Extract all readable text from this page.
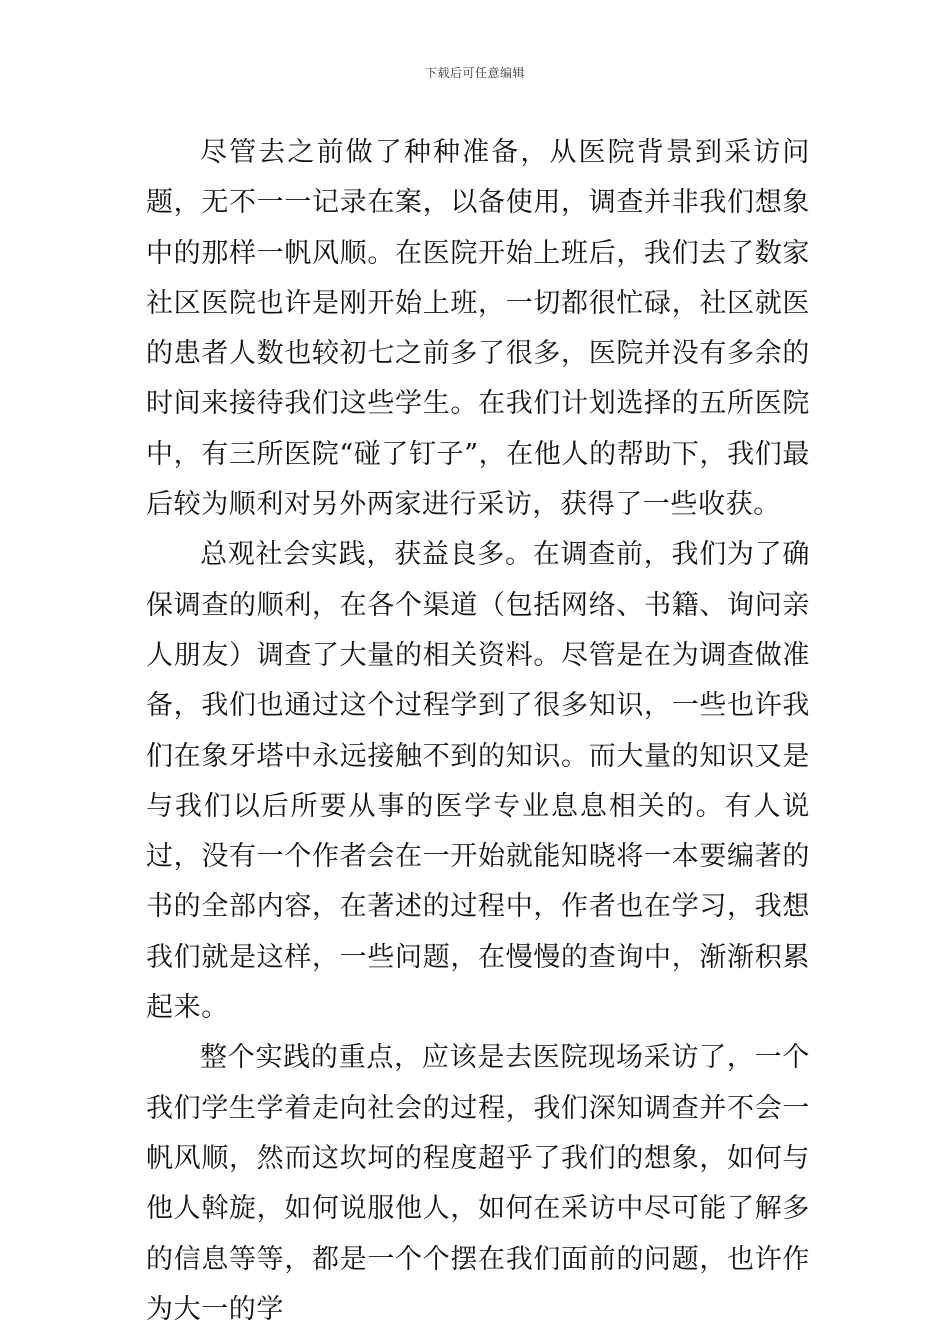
下载后可任意编辑

尽管去之前做了种种准备，从医院背景到采访问题，无不一一记录在案，以备使用，调查并非我们想象中的那样一帆风顺。在医院开始上班后，我们去了数家社区医院也许是刚开始上班，一切都很忙碌，社区就医的患者人数也较初七之前多了很多，医院并没有多余的时间来接待我们这些学生。在我们计划选择的五所医院中，有三所医院“碰了钉子”，在他人的帮助下，我们最后较为顺利对另外两家进行采访，获得了一些收获。

总观社会实践，获益良多。在调查前，我们为了确保调查的顺利，在各个渠道（包括网络、书籍、询问亲人朋友）调查了大量的相关资料。尽管是在为调查做准备，我们也通过这个过程学到了很多知识，一些也许我们在象牙塔中永远接触不到的知识。而大量的知识又是与我们以后所要从事的医学专业息息相关的。有人说过，没有一个作者会在一开始就能知晓将一本要编著的书的全部内容，在著述的过程中，作者也在学习，我想我们就是这样，一些问题，在慢慢的查询中，渐渐积累起来。

整个实践的重点，应该是去医院现场采访了，一个我们学生学着走向社会的过程，我们深知调查并不会一帆风顺，然而这坎坷的程度超乎了我们的想象，如何与他人斡旋，如何说服他人，如何在采访中尽可能了解多的信息等等，都是一个个摆在我们面前的问题，也许作为大一的学
